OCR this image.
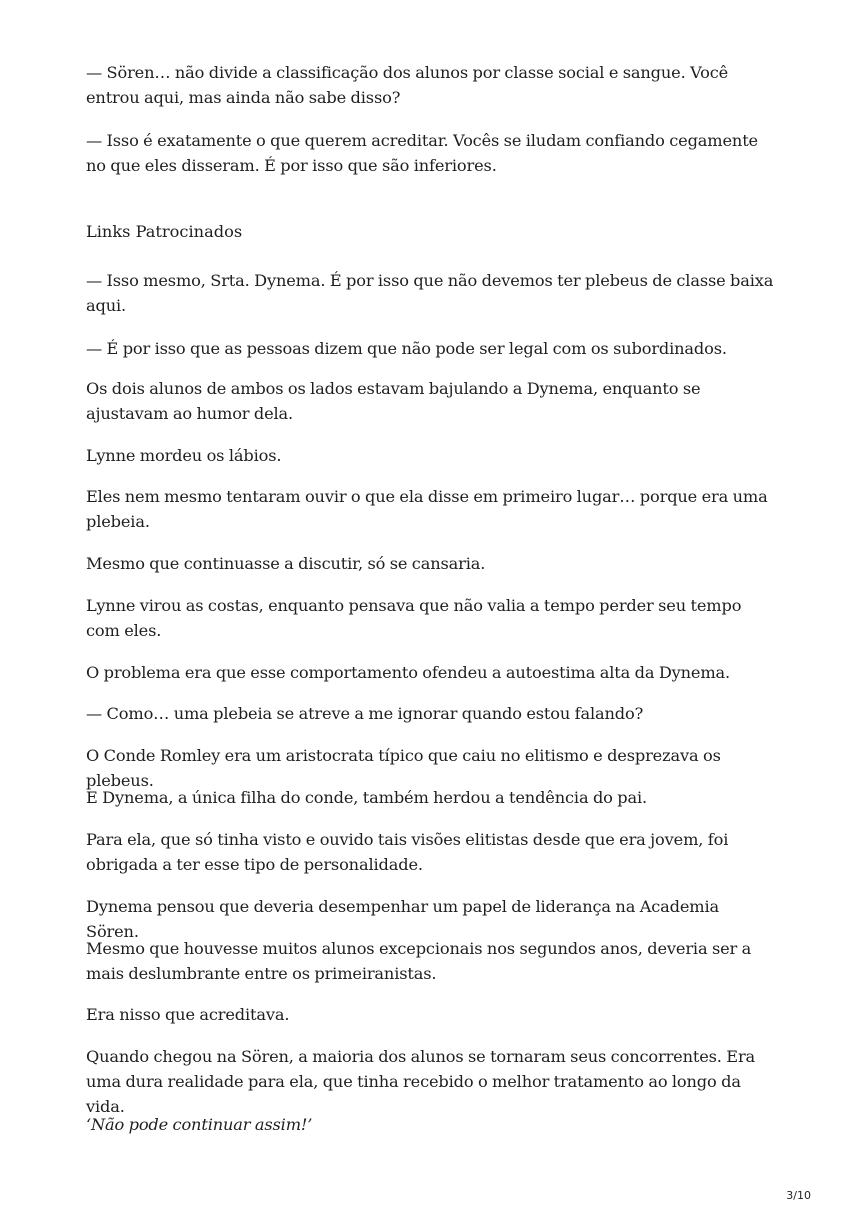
— Sören… não divide a classificação dos alunos por classe social e sangue. Você entrou aqui, mas ainda não sabe disso?

— Isso é exatamente o que querem acreditar. Vocês se iludam confiando cegamente no que eles disseram. É por isso que são inferiores.

Links Patrocinados

— Isso mesmo, Srta. Dynema. É por isso que não devemos ter plebeus de classe baixa aqui.

— É por isso que as pessoas dizem que não pode ser legal com os subordinados.

Os dois alunos de ambos os lados estavam bajulando a Dynema, enquanto se ajustavam ao humor dela.

Lynne mordeu os lábios.

Eles nem mesmo tentaram ouvir o que ela disse em primeiro lugar… porque era uma plebeia.

Mesmo que continuasse a discutir, só se cansaria.

Lynne virou as costas, enquanto pensava que não valia a tempo perder seu tempo com eles.

O problema era que esse comportamento ofendeu a autoestima alta da Dynema.

— Como… uma plebeia se atreve a me ignorar quando estou falando?

O Conde Romley era um aristocrata típico que caiu no elitismo e desprezava os plebeus.

E Dynema, a única filha do conde, também herdou a tendência do pai.

Para ela, que só tinha visto e ouvido tais visões elitistas desde que era jovem, foi obrigada a ter esse tipo de personalidade.

Dynema pensou que deveria desempenhar um papel de liderança na Academia Sören.

Mesmo que houvesse muitos alunos excepcionais nos segundos anos, deveria ser a mais deslumbrante entre os primeiranistas.

Era nisso que acreditava.

Quando chegou na Sören, a maioria dos alunos se tornaram seus concorrentes. Era uma dura realidade para ela, que tinha recebido o melhor tratamento ao longo da vida.

‘Não pode continuar assim!’

3/10
